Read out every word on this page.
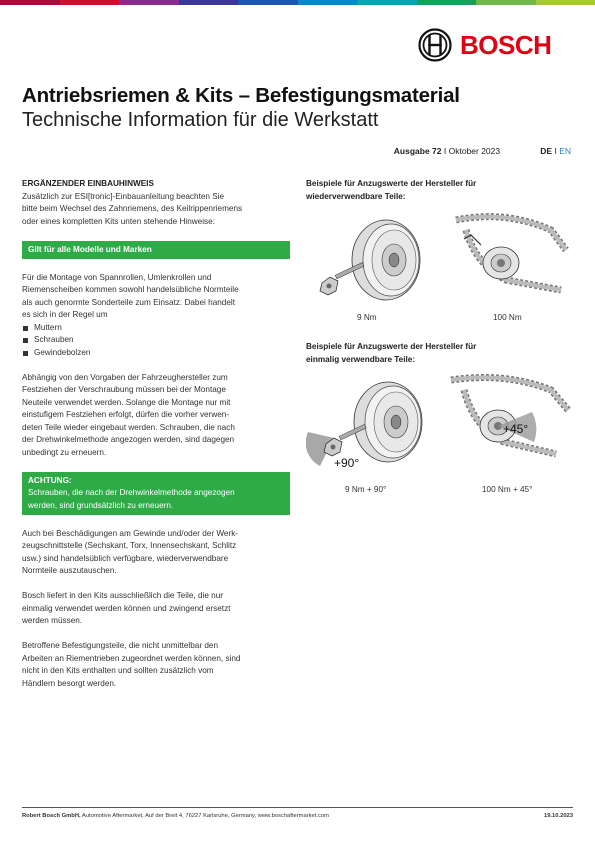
BOSCH
Antriebsriemen & Kits – Befestigungsmaterial
Technische Information für die Werkstatt
Ausgabe 72 I Oktober 2023	DE I EN
ERGÄNZENDER EINBAUHINWEIS
Zusätzlich zur ESI[tronic]-Einbauanleitung beachten Sie
bitte beim Wechsel des Zahnriemens, des Keilrippenriemens
oder eines kompletten Kits unten stehende Hinweise:
Gilt für alle Modelle und Marken
Für die Montage von Spannrollen, Umlenkrollen und
Riemenscheiben kommen sowohl handelsübliche Normteile
als auch genormte Sonderteile zum Einsatz. Dabei handelt
es sich in der Regel um
Muttern
Schrauben
Gewindebolzen
Abhängig von den Vorgaben der Fahrzeughersteller zum
Festziehen der Verschraubung müssen bei der Montage
Neuteile verwendet werden. Solange die Montage nur mit
einstufigem Festziehen erfolgt, dürfen die vorher verwen-
deten Teile wieder eingebaut werden. Schrauben, die nach
der Drehwinkelmethode angezogen werden, sind dagegen
unbedingt zu erneuern.
ACHTUNG:
Schrauben, die nach der Drehwinkelmethode angezogen
werden, sind grundsätzlich zu erneuern.
Auch bei Beschädigungen am Gewinde und/oder der Werk-
zeugschnittstelle (Sechskant, Torx, Innensechskant, Schlitz
usw.) sind handelsüblich verfügbare, wiederverwendbare
Normteile auszutauschen.
Bosch liefert in den Kits ausschließlich die Teile, die nur
einmalig verwendet werden können und zwingend ersetzt
werden müssen.
Betroffene Befestigungsteile, die nicht unmittelbar den
Arbeiten an Riementrieben zugeordnet werden können, sind
nicht in den Kits enthalten und sollten zusätzlich vom
Händlern besorgt werden.
Beispiele für Anzugswerte der Hersteller für
wiederverwendbare Teile:
9 Nm	100 Nm
Beispiele für Anzugswerte der Hersteller für
einmalig verwendbare Teile:
+90°
+45°
9 Nm + 90°	100 Nm + 45°
Robert Bosch GmbH, Automotive Aftermarket, Auf der Breit 4, 76227 Karlsruhe, Germany, www.boschaftermarket.com	19.10.2023
